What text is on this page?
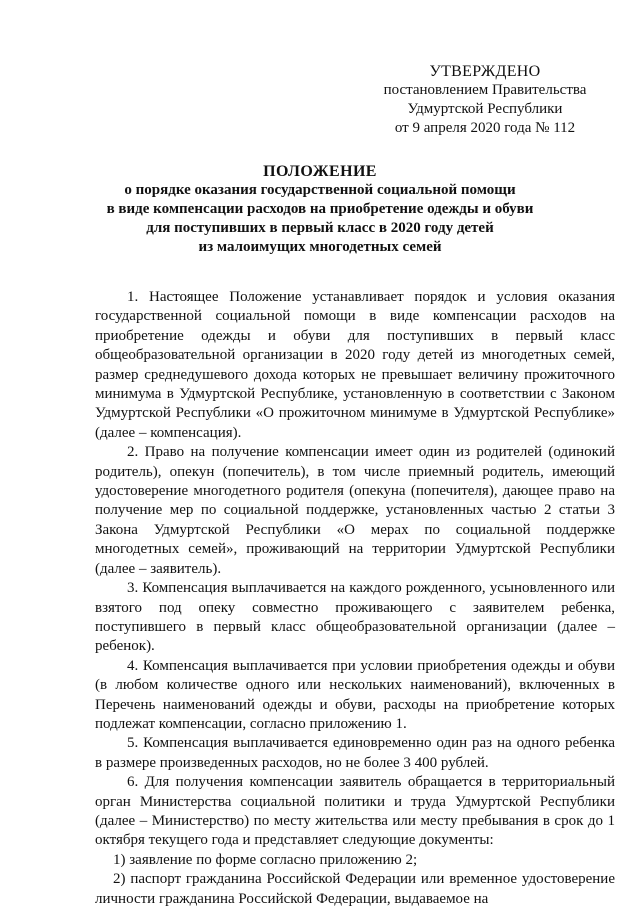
УТВЕРЖДЕНО
постановлением Правительства
Удмуртской Республики
от 9 апреля 2020 года № 112
ПОЛОЖЕНИЕ
о порядке оказания государственной социальной помощи
в виде компенсации расходов на приобретение одежды и обуви
для поступивших в первый класс в 2020 году детей
из малоимущих многодетных семей

1. Настоящее Положение устанавливает порядок и условия оказания государственной социальной помощи в виде компенсации расходов на приобретение одежды и обуви для поступивших в первый класс общеобразовательной организации в 2020 году детей из многодетных семей, размер среднедушевого дохода которых не превышает величину прожиточного минимума в Удмуртской Республике, установленную в соответствии с Законом Удмуртской Республики «О прожиточном минимуме в Удмуртской Республике» (далее – компенсация).

2. Право на получение компенсации имеет один из родителей (одинокий родитель), опекун (попечитель), в том числе приемный родитель, имеющий удостоверение многодетного родителя (опекуна (попечителя), дающее право на получение мер по социальной поддержке, установленных частью 2 статьи 3 Закона Удмуртской Республики «О мерах по социальной поддержке многодетных семей», проживающий на территории Удмуртской Республики (далее – заявитель).

3. Компенсация выплачивается на каждого рожденного, усыновленного или взятого под опеку совместно проживающего с заявителем ребенка, поступившего в первый класс общеобразовательной организации (далее – ребенок).

4. Компенсация выплачивается при условии приобретения одежды и обуви (в любом количестве одного или нескольких наименований), включенных в Перечень наименований одежды и обуви, расходы на приобретение которых подлежат компенсации, согласно приложению 1.

5. Компенсация выплачивается единовременно один раз на одного ребенка в размере произведенных расходов, но не более 3 400 рублей.

6. Для получения компенсации заявитель обращается в территориальный орган Министерства социальной политики и труда Удмуртской Республики (далее – Министерство) по месту жительства или месту пребывания в срок до 1 октября текущего года и представляет следующие документы:

1) заявление по форме согласно приложению 2;

2) паспорт гражданина Российской Федерации или временное удостоверение личности гражданина Российской Федерации, выдаваемое на
